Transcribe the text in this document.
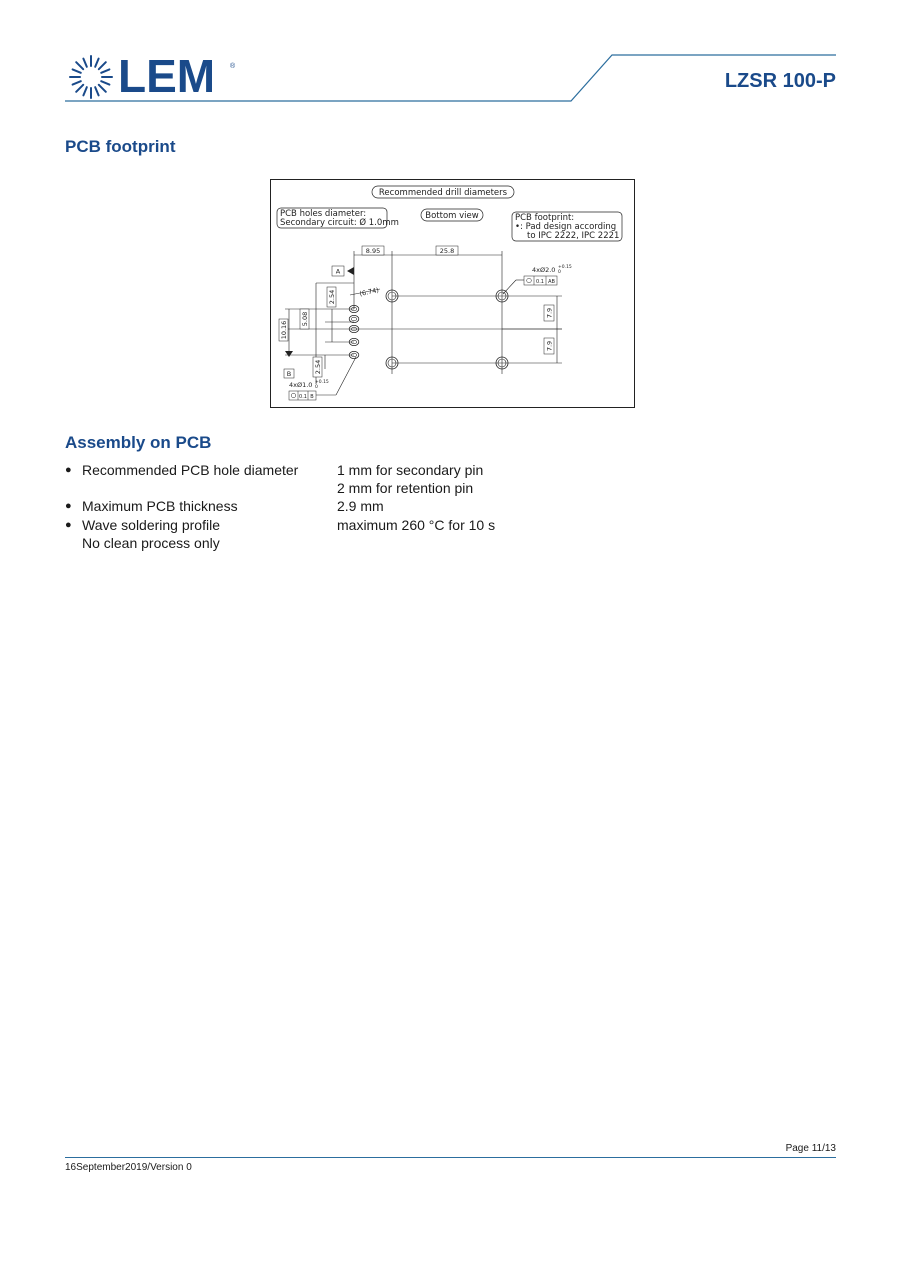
LEM ®
LZSR 100-P
PCB footprint
Recommended drill diameters
PCB holes diameter:
Secondary circuit: Ø 1.0mm
Bottom view	PCB footprint:
•: Pad design according
to IPC 2222, IPC 2221
8.95	25.8
4xØ2.0 +0.15
0
0.1 AB
A
B
2.54
5.08
10.16
2.54
7.9
7.9
(6.74)
4xØ1.0 +0.15
0
0.1 B
Assembly on PCB
● Recommended PCB hole diameter	1 mm for secondary pin
2 mm for retention pin
● Maximum PCB thickness	2.9 mm
● Wave soldering profile	maximum 260 °C for 10 s
No clean process only
Page 11/13
16September2019/Version 0
